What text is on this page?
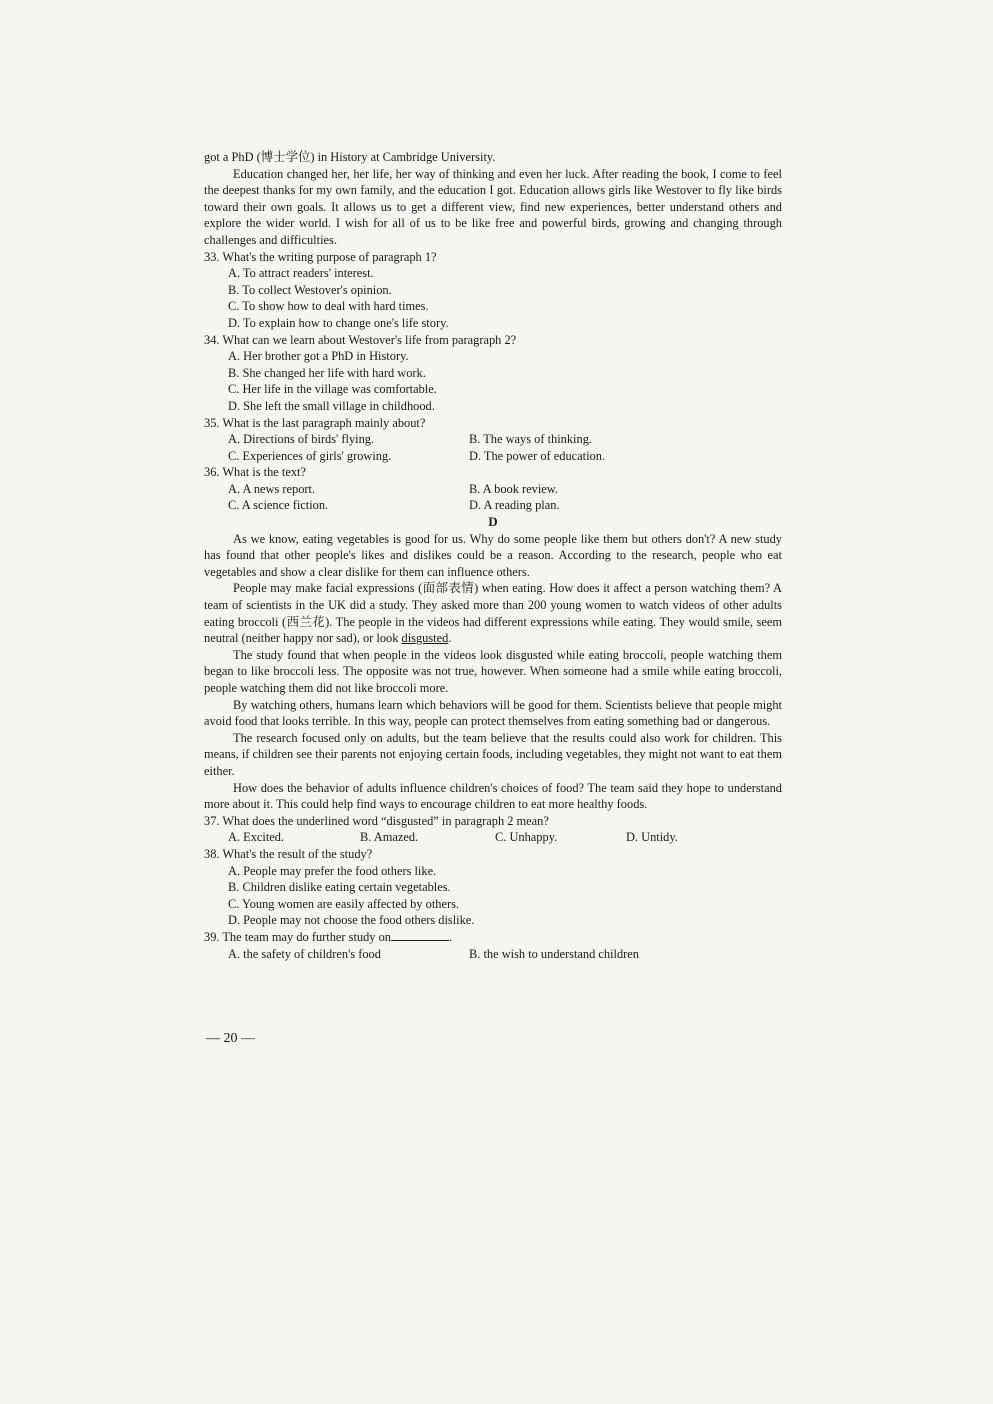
got a PhD (博士学位) in History at Cambridge University.

Education changed her, her life, her way of thinking and even her luck. After reading the book, I come to feel the deepest thanks for my own family, and the education I got. Education allows girls like Westover to fly like birds toward their own goals. It allows us to get a different view, find new experiences, better understand others and explore the wider world. I wish for all of us to be like free and powerful birds, growing and changing through challenges and difficulties.

33. What's the writing purpose of paragraph 1?

A. To attract readers' interest.

B. To collect Westover's opinion.

C. To show how to deal with hard times.

D. To explain how to change one's life story.

34. What can we learn about Westover's life from paragraph 2?

A. Her brother got a PhD in History.

B. She changed her life with hard work.

C. Her life in the village was comfortable.

D. She left the small village in childhood.

35. What is the last paragraph mainly about?

A. Directions of birds' flying.	B. The ways of thinking.
C. Experiences of girls' growing.	D. The power of education.

36. What is the text?

A. A news report.	B. A book review.
C. A science fiction.	D. A reading plan.

D

As we know, eating vegetables is good for us. Why do some people like them but others don't? A new study has found that other people's likes and dislikes could be a reason. According to the research, people who eat vegetables and show a clear dislike for them can influence others.

People may make facial expressions (面部表情) when eating. How does it affect a person watching them? A team of scientists in the UK did a study. They asked more than 200 young women to watch videos of other adults eating broccoli (西兰花). The people in the videos had different expressions while eating. They would smile, seem neutral (neither happy nor sad), or look disgusted.

The study found that when people in the videos look disgusted while eating broccoli, people watching them began to like broccoli less. The opposite was not true, however. When someone had a smile while eating broccoli, people watching them did not like broccoli more.

By watching others, humans learn which behaviors will be good for them. Scientists believe that people might avoid food that looks terrible. In this way, people can protect themselves from eating something bad or dangerous.

The research focused only on adults, but the team believe that the results could also work for children. This means, if children see their parents not enjoying certain foods, including vegetables, they might not want to eat them either.

How does the behavior of adults influence children's choices of food? The team said they hope to understand more about it. This could help find ways to encourage children to eat more healthy foods.

37. What does the underlined word “disgusted” in paragraph 2 mean?

A. Excited.	B. Amazed.	C. Unhappy.	D. Untidy.

38. What's the result of the study?

A. People may prefer the food others like.

B. Children dislike eating certain vegetables.

C. Young women are easily affected by others.

D. People may not choose the food others dislike.

39. The team may do further study on	.

A. the safety of children's food	B. the wish to understand children
— 20 —
